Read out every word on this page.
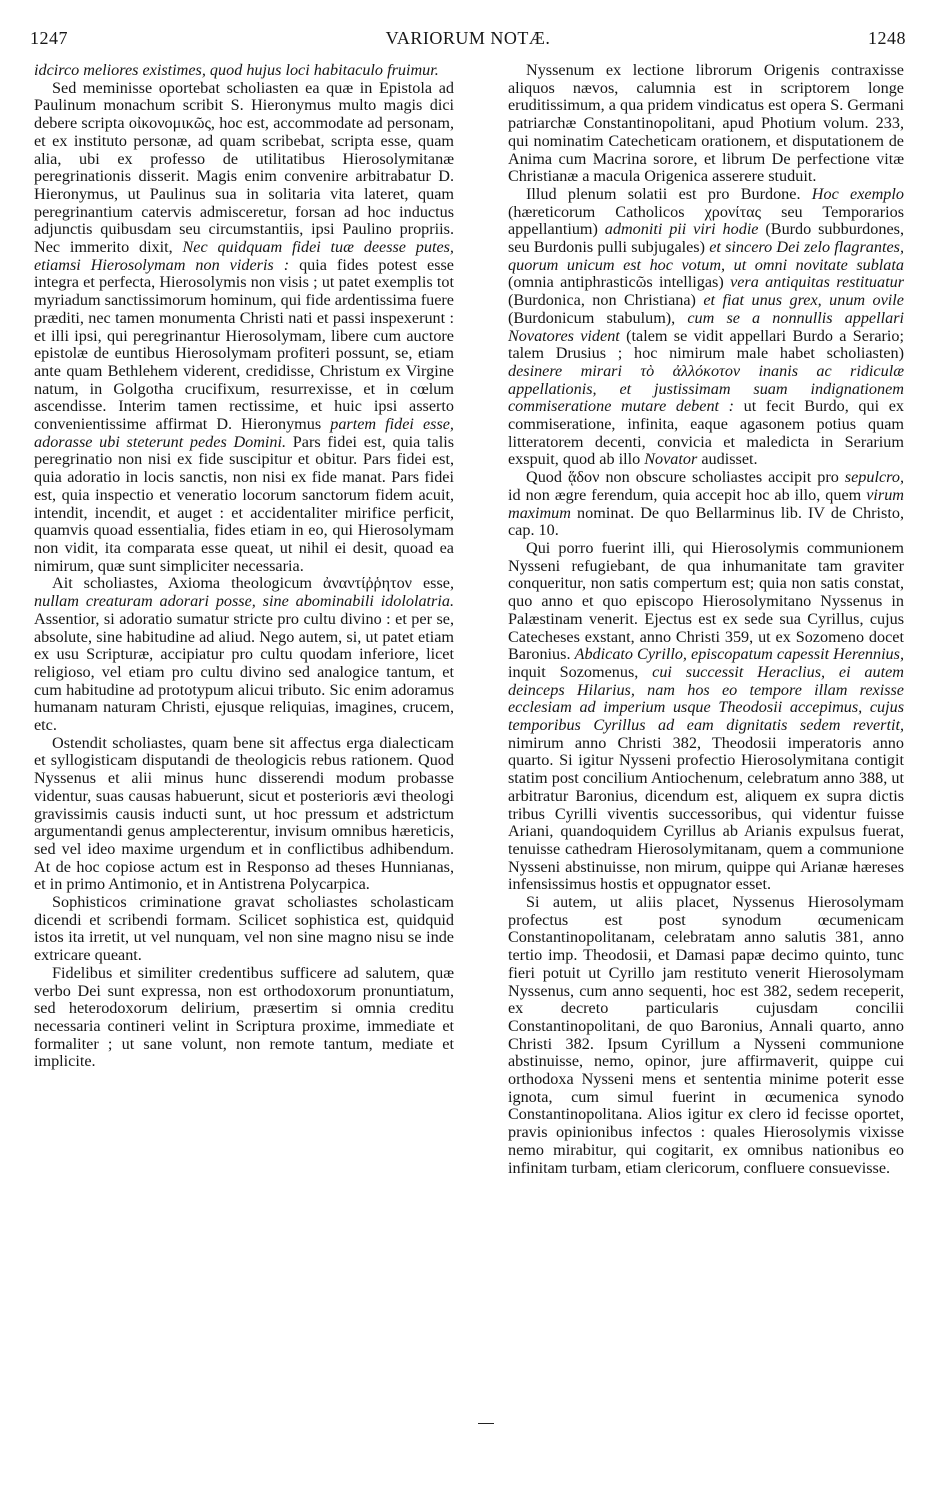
VARIORUM NOTÆ.
1247	1248

idcirco meliores existimes, quod hujus loci habitaculo fruimur.

Sed meminisse oportebat scholiasten ea quæ in Epistola ad Paulinum monachum scribit S. Hieronymus multo magis dici debere scripta οἰκονομικῶς, hoc est, accommodate ad personam, et ex instituto personæ, ad quam scribebat, scripta esse, quam alia, ubi ex professo de utilitatibus Hierosolymitanæ peregrinationis disserit. Magis enim convenire arbitrabatur D. Hieronymus, ut Paulinus sua in solitaria vita lateret, quam peregrinantium catervis admisceretur, forsan ad hoc inductus adjunctis quibusdam seu circumstantiis, ipsi Paulino propriis. Nec immerito dixit, Nec quidquam fidei tuæ deesse putes, etiamsi Hierosolymam non videris : quia fides potest esse integra et perfecta, Hierosolymis non visis ; ut patet exemplis tot myriadum sanctissimorum hominum, qui fide ardentissima fuere præditi, nec tamen monumenta Christi nati et passi inspexerunt : et illi ipsi, qui peregrinantur Hierosolymam, libere cum auctore epistolæ de euntibus Hierosolymam profiteri possunt, se, etiam ante quam Bethlehem viderent, credidisse, Christum ex Virgine natum, in Golgotha crucifixum, resurrexisse, et in cœlum ascendisse. Interim tamen rectissime, et huic ipsi asserto convenientissime affirmat D. Hieronymus partem fidei esse, adorasse ubi steterunt pedes Domini. Pars fidei est, quia talis peregrinatio non nisi ex fide suscipitur et obitur. Pars fidei est, quia adoratio in locis sanctis, non nisi ex fide manat. Pars fidei est, quia inspectio et veneratio locorum sanctorum fidem acuit, intendit, incendit, et auget : et accidentaliter mirifice perficit, quamvis quoad essentialia, fides etiam in eo, qui Hierosolymam non vidit, ita comparata esse queat, ut nihil ei desit, quoad ea nimirum, quæ sunt simpliciter necessaria.

Ait scholiastes, Axioma theologicum ἀναντίῤῥητον esse, nullam creaturam adorari posse, sine abominabili idololatria. Assentior, si adoratio sumatur stricte pro cultu divino : et per se, absolute, sine habitudine ad aliud. Nego autem, si, ut patet etiam ex usu Scripturæ, accipiatur pro cultu quodam inferiore, licet religioso, vel etiam pro cultu divino sed analogice tantum, et cum habitudine ad prototypum alicui tributo. Sic enim adoramus humanam naturam Christi, ejusque reliquias, imagines, crucem, etc.

Ostendit scholiastes, quam bene sit affectus erga dialecticam et syllogisticam disputandi de theologicis rebus rationem. Quod Nyssenus et alii minus hunc disserendi modum probasse videntur, suas causas habuerunt, sicut et posterioris ævi theologi gravissimis causis inducti sunt, ut hoc pressum et adstrictum argumentandi genus amplecterentur, invisum omnibus hæreticis, sed vel ideo maxime urgendum et in conflictibus adhibendum. At de hoc copiose actum est in Responso ad theses Hunnianas, et in primo Antimonio, et in Antistrena Polycarpica.

Sophisticos criminatione gravat scholiastes scholasticam dicendi et scribendi formam. Scilicet sophistica est, quidquid istos ita irretit, ut vel nunquam, vel non sine magno nisu se inde extricare queant.

Fidelibus et similiter credentibus sufficere ad salutem, quæ verbo Dei sunt expressa, non est orthodoxorum pronuntiatum, sed heterodoxorum delirium, præsertim si omnia creditu necessaria contineri velint in Scriptura proxime, immediate et formaliter ; ut sane volunt, non remote tantum, mediate et implicite.

Nyssenum ex lectione librorum Origenis contraxisse aliquos nævos, calumnia est in scriptorem longe eruditissimum, a qua pridem vindicatus est opera S. Germani patriarchæ Constantinopolitani, apud Photium volum. 233, qui nominatim Catecheticam orationem, et disputationem de Anima cum Macrina sorore, et librum De perfectione vitæ Christianæ a macula Origenica asserere studuit.

Illud plenum solatii est pro Burdone. Hoc exemplo (hæreticorum Catholicos χρονίτας seu Temporarios appellantium) admoniti pii viri hodie (Burdo subburdones, seu Burdonis pulli subjugales) et sincero Dei zelo flagrantes, quorum unicum est hoc votum, ut omni novitate sublata (omnia antiphrasticῶs intelligas) vera antiquitas restituatur (Burdonica, non Christiana) et fiat unus grex, unum ovile (Burdonicum stabulum), cum se a nonnullis appellari Novatores vident (talem se vidit appellari Burdo a Serario; talem Drusius ; hoc nimirum male habet scholiasten) desinere mirari τὸ ἀλλόκοτον inanis ac ridiculæ appellationis, et justissimam suam indignationem commiseratione mutare debent : ut fecit Burdo, qui ex commiseratione, infinita, eaque agasonem potius quam litteratorem decenti, convicia et maledicta in Serarium exspuit, quod ab illo Novator audisset.

Quod ᾅδον non obscure scholiastes accipit pro sepulcro, id non ægre ferendum, quia accepit hoc ab illo, quem virum maximum nominat. De quo Bellarminus lib. IV de Christo, cap. 10.

Qui porro fuerint illi, qui Hierosolymis communionem Nysseni refugiebant, de qua inhumanitate tam graviter conqueritur, non satis compertum est; quia non satis constat, quo anno et quo episcopo Hierosolymitano Nyssenus in Palæstinam venerit. Ejectus est ex sede sua Cyrillus, cujus Catecheses exstant, anno Christi 359, ut ex Sozomeno docet Baronius. Abdicato Cyrillo, episcopatum capessit Herennius, inquit Sozomenus, cui successit Heraclius, ei autem deinceps Hilarius, nam hos eo tempore illam rexisse ecclesiam ad imperium usque Theodosii accepimus, cujus temporibus Cyrillus ad eam dignitatis sedem revertit, nimirum anno Christi 382, Theodosii imperatoris anno quarto. Si igitur Nysseni profectio Hierosolymitana contigit statim post concilium Antiochenum, celebratum anno 388, ut arbitratur Baronius, dicendum est, aliquem ex supra dictis tribus Cyrilli viventis successoribus, qui videntur fuisse Ariani, quandoquidem Cyrillus ab Arianis expulsus fuerat, tenuisse cathedram Hierosolymitanam, quem a communione Nysseni abstinuisse, non mirum, quippe qui Arianæ hæreses infensissimus hostis et oppugnator esset.

Si autem, ut aliis placet, Nyssenus Hierosolymam profectus est post synodum œcumenicam Constantinopolitanam, celebratam anno salutis 381, anno tertio imp. Theodosii, et Damasi papæ decimo quinto, tunc fieri potuit ut Cyrillo jam restituto venerit Hierosolymam Nyssenus, cum anno sequenti, hoc est 382, sedem receperit, ex decreto particularis cujusdam concilii Constantinopolitani, de quo Baronius, Annali quarto, anno Christi 382. Ipsum Cyrillum a Nysseni communione abstinuisse, nemo, opinor, jure affirmaverit, quippe cui orthodoxa Nysseni mens et sententia minime poterit esse ignota, cum simul fuerint in œcumenica synodo Constantinopolitana. Alios igitur ex clero id fecisse oportet, pravis opinionibus infectos : quales Hierosolymis vixisse nemo mirabitur, qui cogitarit, ex omnibus nationibus eo infinitam turbam, etiam clericorum, confluere consuevisse.
